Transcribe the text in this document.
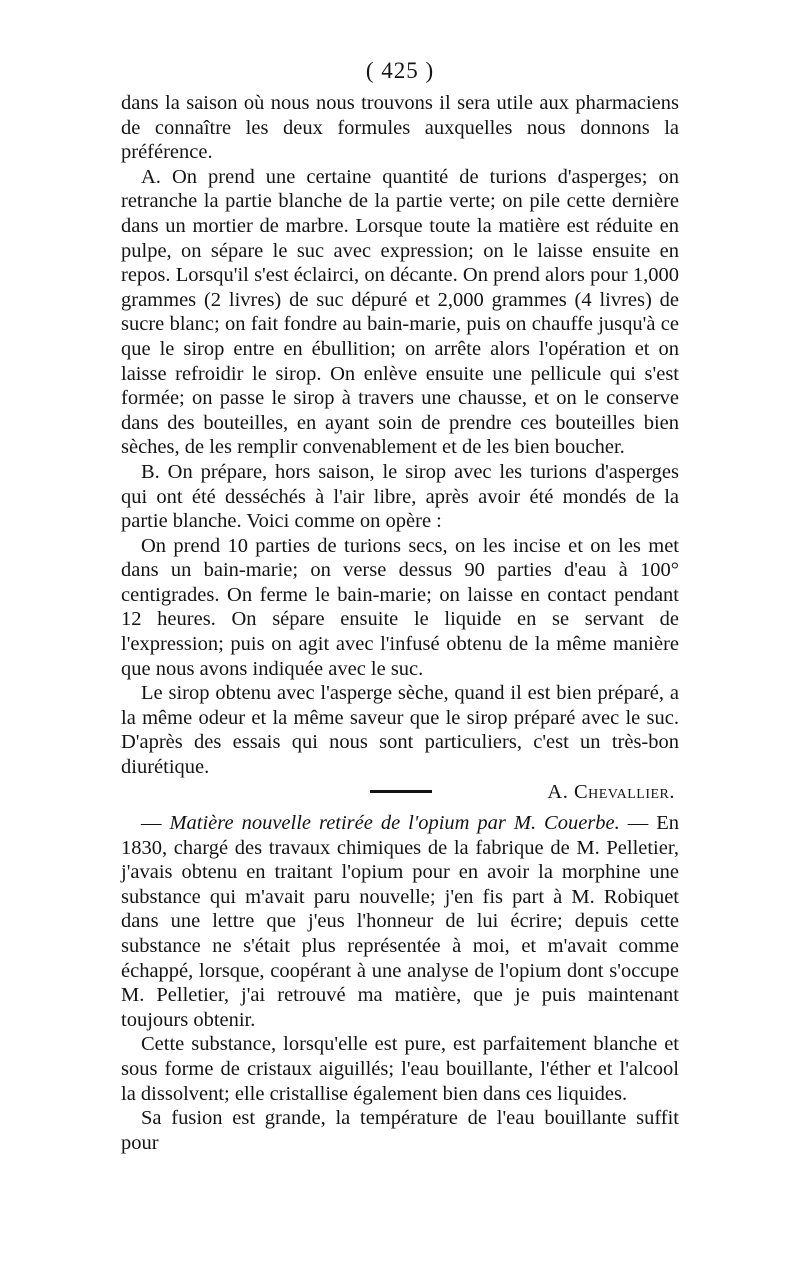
( 425 )

dans la saison où nous nous trouvons il sera utile aux pharmaciens de connaître les deux formules auxquelles nous donnons la préférence.

A. On prend une certaine quantité de turions d'asperges; on retranche la partie blanche de la partie verte; on pile cette dernière dans un mortier de marbre. Lorsque toute la matière est réduite en pulpe, on sépare le suc avec expression; on le laisse ensuite en repos. Lorsqu'il s'est éclairci, on décante. On prend alors pour 1,000 grammes (2 livres) de suc dépuré et 2,000 grammes (4 livres) de sucre blanc; on fait fondre au bain-marie, puis on chauffe jusqu'à ce que le sirop entre en ébullition; on arrête alors l'opération et on laisse refroidir le sirop. On enlève ensuite une pellicule qui s'est formée; on passe le sirop à travers une chausse, et on le conserve dans des bouteilles, en ayant soin de prendre ces bouteilles bien sèches, de les remplir convenablement et de les bien boucher.

B. On prépare, hors saison, le sirop avec les turions d'asperges qui ont été desséchés à l'air libre, après avoir été mondés de la partie blanche. Voici comme on opère :

On prend 10 parties de turions secs, on les incise et on les met dans un bain-marie; on verse dessus 90 parties d'eau à 100° centigrades. On ferme le bain-marie; on laisse en contact pendant 12 heures. On sépare ensuite le liquide en se servant de l'expression; puis on agit avec l'infusé obtenu de la même manière que nous avons indiquée avec le suc.

Le sirop obtenu avec l'asperge sèche, quand il est bien préparé, a la même odeur et la même saveur que le sirop préparé avec le suc. D'après des essais qui nous sont particuliers, c'est un très-bon diurétique.

A. Chevallier.

— Matière nouvelle retirée de l'opium par M. Couerbe. — En 1830, chargé des travaux chimiques de la fabrique de M. Pelletier, j'avais obtenu en traitant l'opium pour en avoir la morphine une substance qui m'avait paru nouvelle; j'en fis part à M. Robiquet dans une lettre que j'eus l'honneur de lui écrire; depuis cette substance ne s'était plus représentée à moi, et m'avait comme échappé, lorsque, coopérant à une analyse de l'opium dont s'occupe M. Pelletier, j'ai retrouvé ma matière, que je puis maintenant toujours obtenir.

Cette substance, lorsqu'elle est pure, est parfaitement blanche et sous forme de cristaux aiguillés; l'eau bouillante, l'éther et l'alcool la dissolvent; elle cristallise également bien dans ces liquides.

Sa fusion est grande, la température de l'eau bouillante suffit pour
